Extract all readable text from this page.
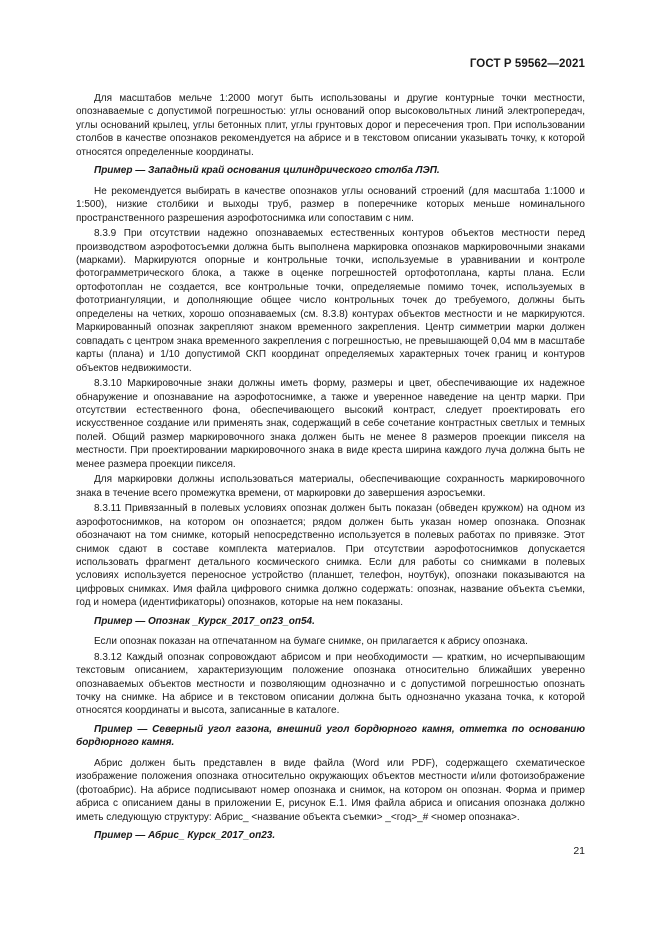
ГОСТ Р 59562—2021

Для масштабов мельче 1:2000 могут быть использованы и другие контурные точки местности, опознаваемые с допустимой погрешностью: углы оснований опор высоковольтных линий электропередач, углы оснований крылец, углы бетонных плит, углы грунтовых дорог и пересечения троп. При использовании столбов в качестве опознаков рекомендуется на абрисе и в текстовом описании указывать точку, к которой относятся определенные координаты.

Пример — Западный край основания цилиндрического столба ЛЭП.

Не рекомендуется выбирать в качестве опознаков углы оснований строений (для масштаба 1:1000 и 1:500), низкие столбики и выходы труб, размер в поперечнике которых меньше номинального пространственного разрешения аэрофотоснимка или сопоставим с ним.

8.3.9 При отсутствии надежно опознаваемых естественных контуров объектов местности перед производством аэрофотосъемки должна быть выполнена маркировка опознаков маркировочными знаками (марками). Маркируются опорные и контрольные точки, используемые в уравнивании и контроле фотограмметрического блока, а также в оценке погрешностей ортофотоплана, карты плана. Если ортофотоплан не создается, все контрольные точки, определяемые помимо точек, используемых в фототриангуляции, и дополняющие общее число контрольных точек до требуемого, должны быть определены на четких, хорошо опознаваемых (см. 8.3.8) контурах объектов местности и не маркируются. Маркированный опознак закрепляют знаком временного закрепления. Центр симметрии марки должен совпадать с центром знака временного закрепления с погрешностью, не превышающей 0,04 мм в масштабе карты (плана) и 1/10 допустимой СКП координат определяемых характерных точек границ и контуров объектов недвижимости.

8.3.10 Маркировочные знаки должны иметь форму, размеры и цвет, обеспечивающие их надежное обнаружение и опознавание на аэрофотоснимке, а также и уверенное наведение на центр марки. При отсутствии естественного фона, обеспечивающего высокий контраст, следует проектировать его искусственное создание или применять знак, содержащий в себе сочетание контрастных светлых и темных полей. Общий размер маркировочного знака должен быть не менее 8 размеров проекции пикселя на местности. При проектировании маркировочного знака в виде креста ширина каждого луча должна быть не менее размера проекции пикселя.

Для маркировки должны использоваться материалы, обеспечивающие сохранность маркировочного знака в течение всего промежутка времени, от маркировки до завершения аэросъемки.

8.3.11 Привязанный в полевых условиях опознак должен быть показан (обведен кружком) на одном из аэрофотоснимков, на котором он опознается; рядом должен быть указан номер опознака. Опознак обозначают на том снимке, который непосредственно используется в полевых работах по привязке. Этот снимок сдают в составе комплекта материалов. При отсутствии аэрофотоснимков допускается использовать фрагмент детального космического снимка. Если для работы со снимками в полевых условиях используется переносное устройство (планшет, телефон, ноутбук), опознаки показываются на цифровых снимках. Имя файла цифрового снимка должно содержать: опознак, название объекта съемки, год и номера (идентификаторы) опознаков, которые на нем показаны.

Пример — Опознак _Курск_2017_оп23_оп54.

Если опознак показан на отпечатанном на бумаге снимке, он прилагается к абрису опознака.

8.3.12 Каждый опознак сопровождают абрисом и при необходимости — кратким, но исчерпывающим текстовым описанием, характеризующим положение опознака относительно ближайших уверенно опознаваемых объектов местности и позволяющим однозначно и с допустимой погрешностью опознать точку на снимке. На абрисе и в текстовом описании должна быть однозначно указана точка, к которой относятся координаты и высота, записанные в каталоге.

Пример — Северный угол газона, внешний угол бордюрного камня, отметка по основанию бордюрного камня.

Абрис должен быть представлен в виде файла (Word или PDF), содержащего схематическое изображение положения опознака относительно окружающих объектов местности и/или фотоизображение (фотоабрис). На абрисе подписывают номер опознака и снимок, на котором он опознан. Форма и пример абриса с описанием даны в приложении Е, рисунок Е.1. Имя файла абриса и описания опознака должно иметь следующую структуру: Абрис_ <название объекта съемки> _<год>_# <номер опознака>.

Пример — Абрис_ Курск_2017_оп23.

21
